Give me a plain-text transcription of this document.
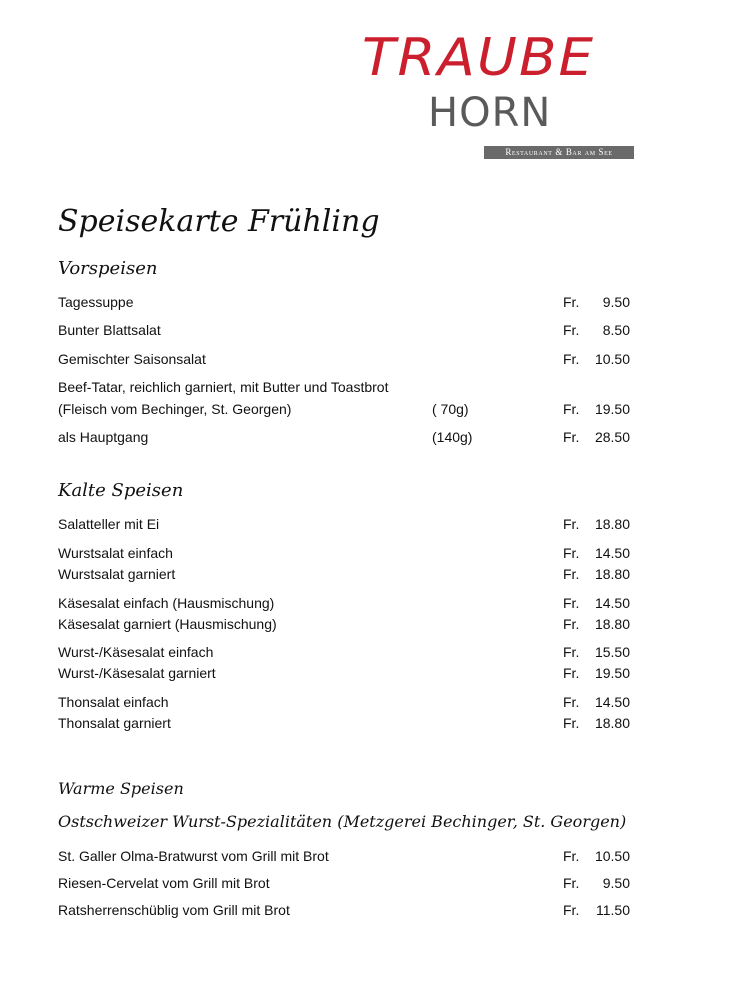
TRAUBE
HORN
Restaurant & Bar am See
Speisekarte Frühling
Vorspeisen
Tagessuppe	Fr. 9.50
Bunter Blattsalat	Fr. 8.50
Gemischter Saisonsalat	Fr. 10.50
Beef-Tatar, reichlich garniert, mit Butter und Toastbrot
(Fleisch vom Bechinger, St. Georgen)	( 70g)	Fr. 19.50
als Hauptgang	(140g)	Fr. 28.50
Kalte Speisen
Salatteller mit Ei	Fr. 18.80
Wurstsalat einfach	Fr. 14.50
Wurstsalat garniert	Fr. 18.80
Käsesalat einfach (Hausmischung)	Fr. 14.50
Käsesalat garniert (Hausmischung)	Fr. 18.80
Wurst-/Käsesalat einfach	Fr. 15.50
Wurst-/Käsesalat garniert	Fr. 19.50
Thonsalat einfach	Fr. 14.50
Thonsalat garniert	Fr. 18.80
Warme Speisen
Ostschweizer Wurst-Spezialitäten (Metzgerei Bechinger, St. Georgen)
St. Galler Olma-Bratwurst vom Grill mit Brot	Fr. 10.50
Riesen-Cervelat vom Grill mit Brot	Fr. 9.50
Ratsherrenschüblig vom Grill mit Brot	Fr. 11.50
